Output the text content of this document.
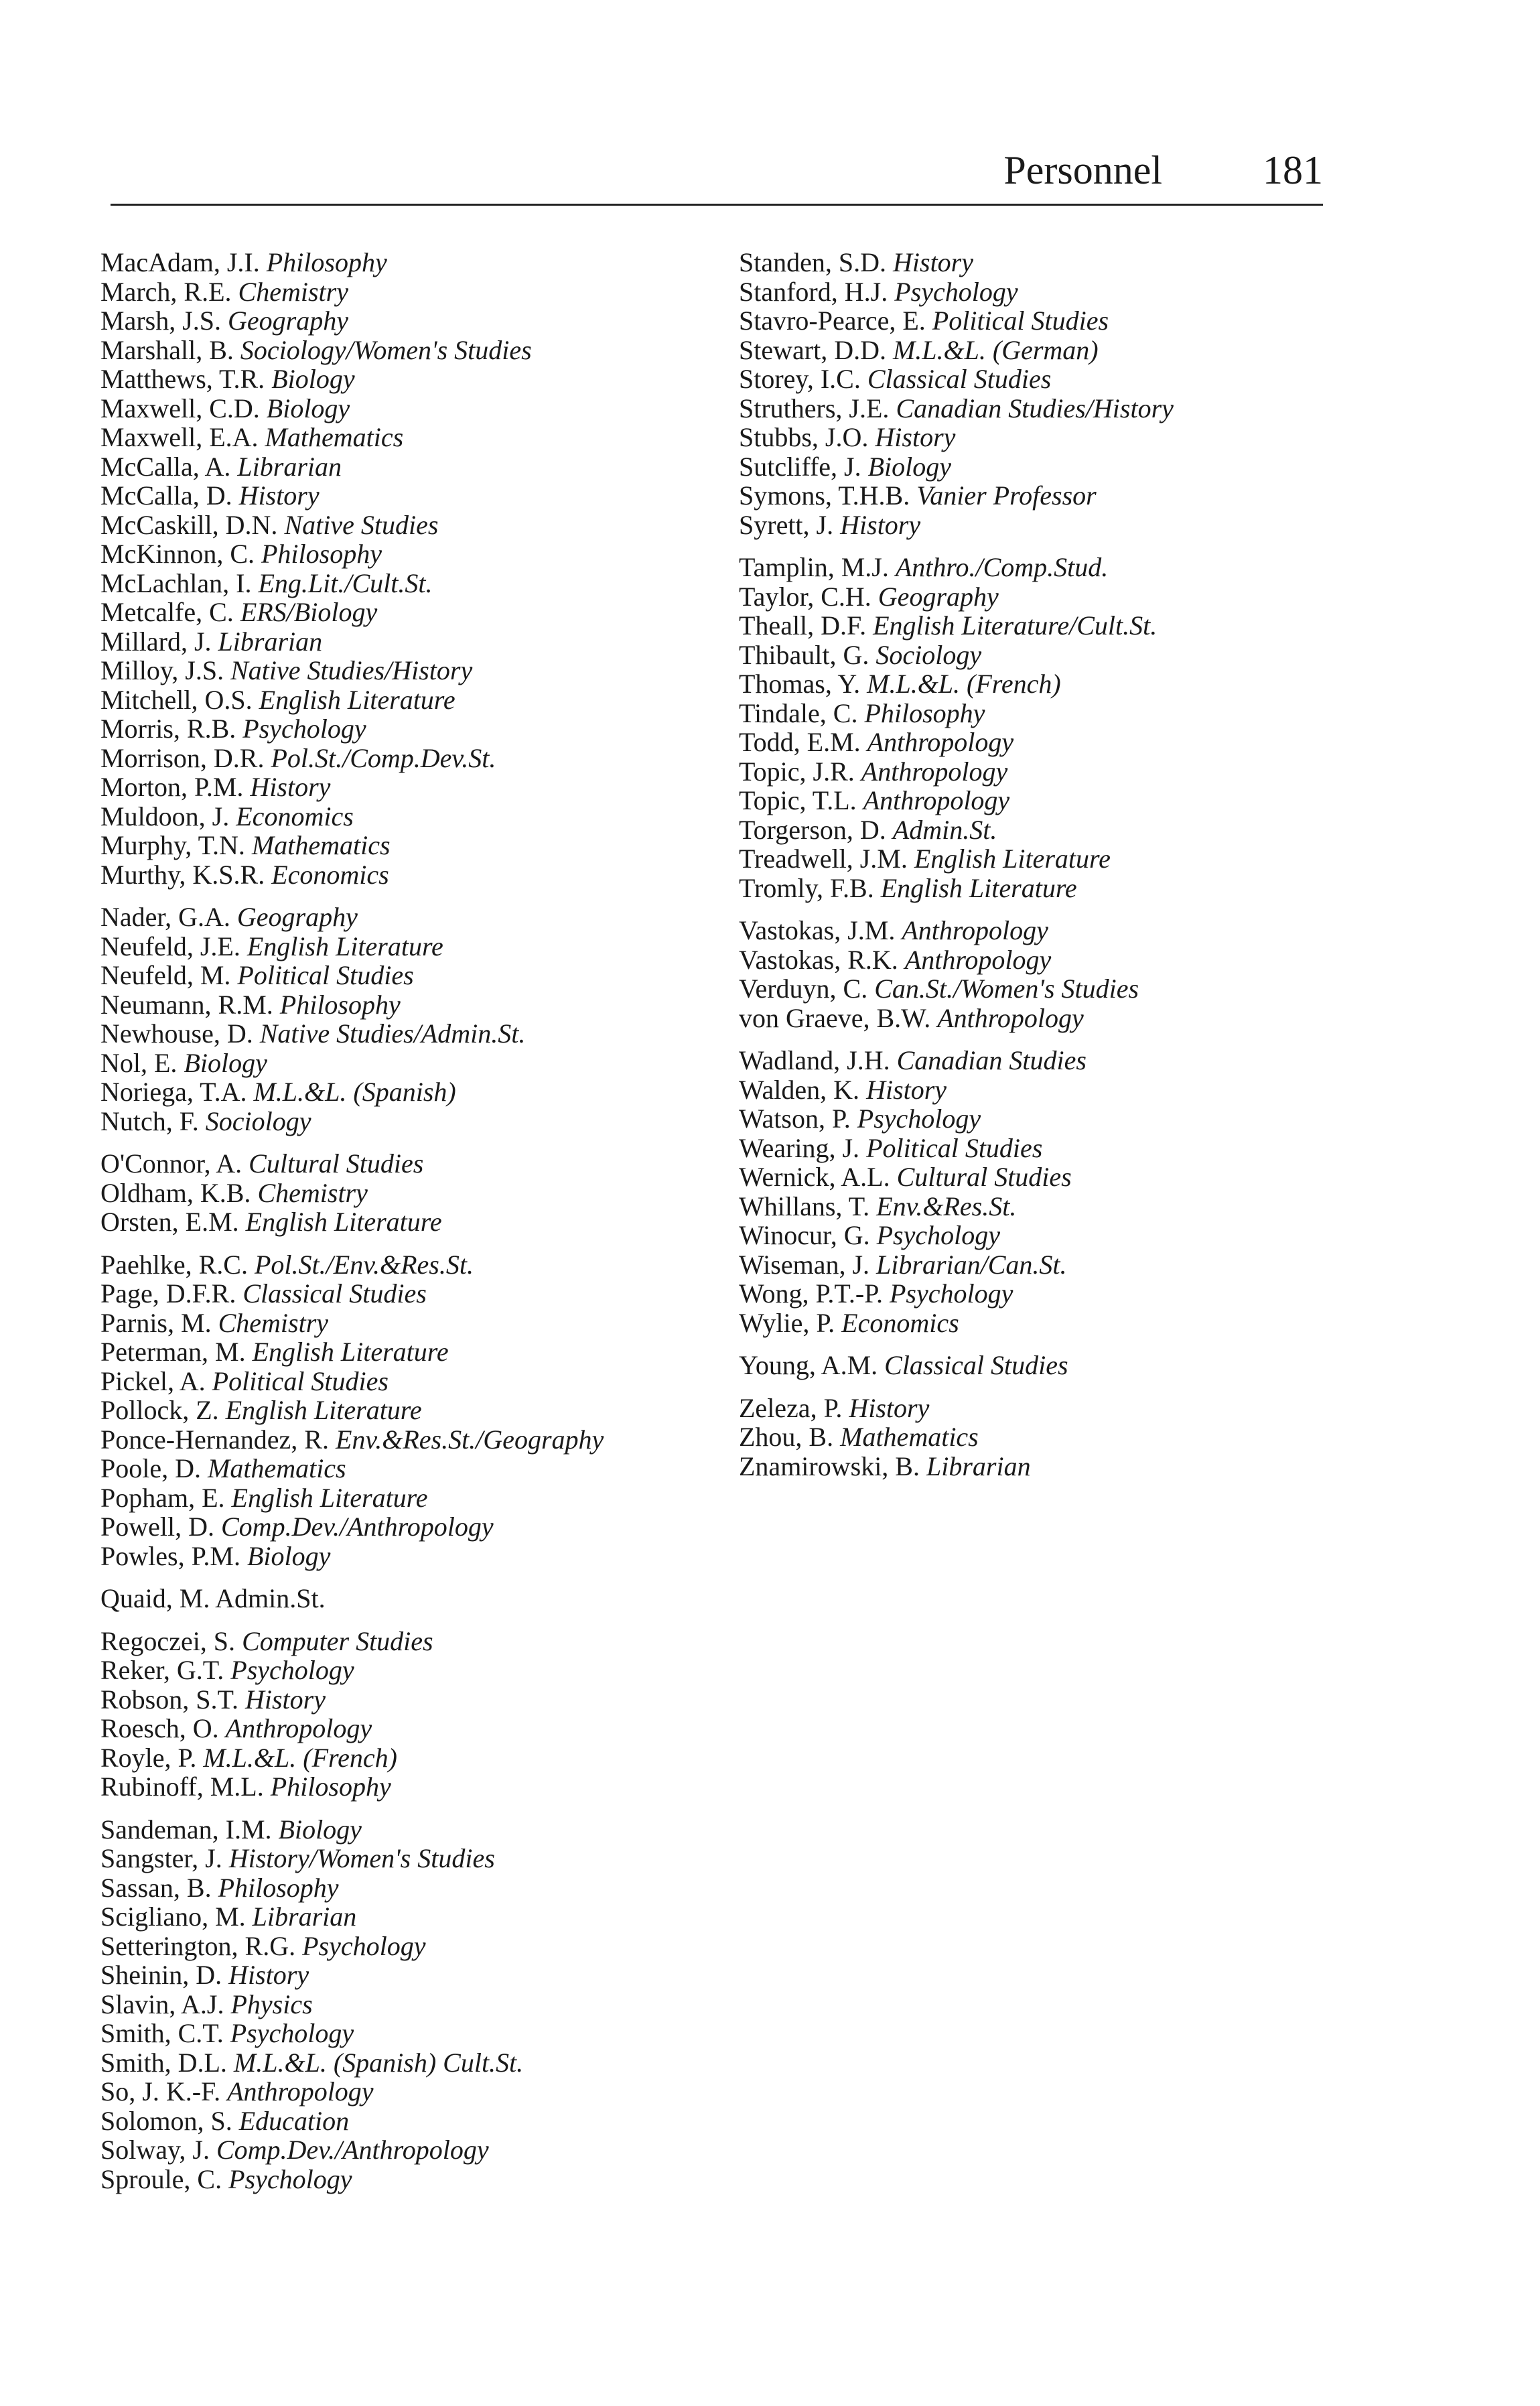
Personnel	181
MacAdam, J.I. Philosophy
March, R.E. Chemistry
Marsh, J.S. Geography
Marshall, B. Sociology/Women's Studies
Matthews, T.R. Biology
Maxwell, C.D. Biology
Maxwell, E.A. Mathematics
McCalla, A. Librarian
McCalla, D. History
McCaskill, D.N. Native Studies
McKinnon, C. Philosophy
McLachlan, I. Eng.Lit./Cult.St.
Metcalfe, C. ERS/Biology
Millard, J. Librarian
Milloy, J.S. Native Studies/History
Mitchell, O.S. English Literature
Morris, R.B. Psychology
Morrison, D.R. Pol.St./Comp.Dev.St.
Morton, P.M. History
Muldoon, J. Economics
Murphy, T.N. Mathematics
Murthy, K.S.R. Economics
Nader, G.A. Geography
Neufeld, J.E. English Literature
Neufeld, M. Political Studies
Neumann, R.M. Philosophy
Newhouse, D. Native Studies/Admin.St.
Nol, E. Biology
Noriega, T.A. M.L.&L. (Spanish)
Nutch, F. Sociology
O'Connor, A. Cultural Studies
Oldham, K.B. Chemistry
Orsten, E.M. English Literature
Paehlke, R.C. Pol.St./Env.&Res.St.
Page, D.F.R. Classical Studies
Parnis, M. Chemistry
Peterman, M. English Literature
Pickel, A. Political Studies
Pollock, Z. English Literature
Ponce-Hernandez, R. Env.&Res.St./Geography
Poole, D. Mathematics
Popham, E. English Literature
Powell, D. Comp.Dev./Anthropology
Powles, P.M. Biology
Quaid, M. Admin.St.
Regoczei, S. Computer Studies
Reker, G.T. Psychology
Robson, S.T. History
Roesch, O. Anthropology
Royle, P. M.L.&L. (French)
Rubinoff, M.L. Philosophy
Sandeman, I.M. Biology
Sangster, J. History/Women's Studies
Sassan, B. Philosophy
Scigliano, M. Librarian
Setterington, R.G. Psychology
Sheinin, D. History
Slavin, A.J. Physics
Smith, C.T. Psychology
Smith, D.L. M.L.&L. (Spanish) Cult.St.
So, J. K.-F. Anthropology
Solomon, S. Education
Solway, J. Comp.Dev./Anthropology
Sproule, C. Psychology
Standen, S.D. History
Stanford, H.J. Psychology
Stavro-Pearce, E. Political Studies
Stewart, D.D. M.L.&L. (German)
Storey, I.C. Classical Studies
Struthers, J.E. Canadian Studies/History
Stubbs, J.O. History
Sutcliffe, J. Biology
Symons, T.H.B. Vanier Professor
Syrett, J. History
Tamplin, M.J. Anthro./Comp.Stud.
Taylor, C.H. Geography
Theall, D.F. English Literature/Cult.St.
Thibault, G. Sociology
Thomas, Y. M.L.&L. (French)
Tindale, C. Philosophy
Todd, E.M. Anthropology
Topic, J.R. Anthropology
Topic, T.L. Anthropology
Torgerson, D. Admin.St.
Treadwell, J.M. English Literature
Tromly, F.B. English Literature
Vastokas, J.M. Anthropology
Vastokas, R.K. Anthropology
Verduyn, C. Can.St./Women's Studies
von Graeve, B.W. Anthropology
Wadland, J.H. Canadian Studies
Walden, K. History
Watson, P. Psychology
Wearing, J. Political Studies
Wernick, A.L. Cultural Studies
Whillans, T. Env.&Res.St.
Winocur, G. Psychology
Wiseman, J. Librarian/Can.St.
Wong, P.T.-P. Psychology
Wylie, P. Economics
Young, A.M. Classical Studies
Zeleza, P. History
Zhou, B. Mathematics
Znamirowski, B. Librarian
